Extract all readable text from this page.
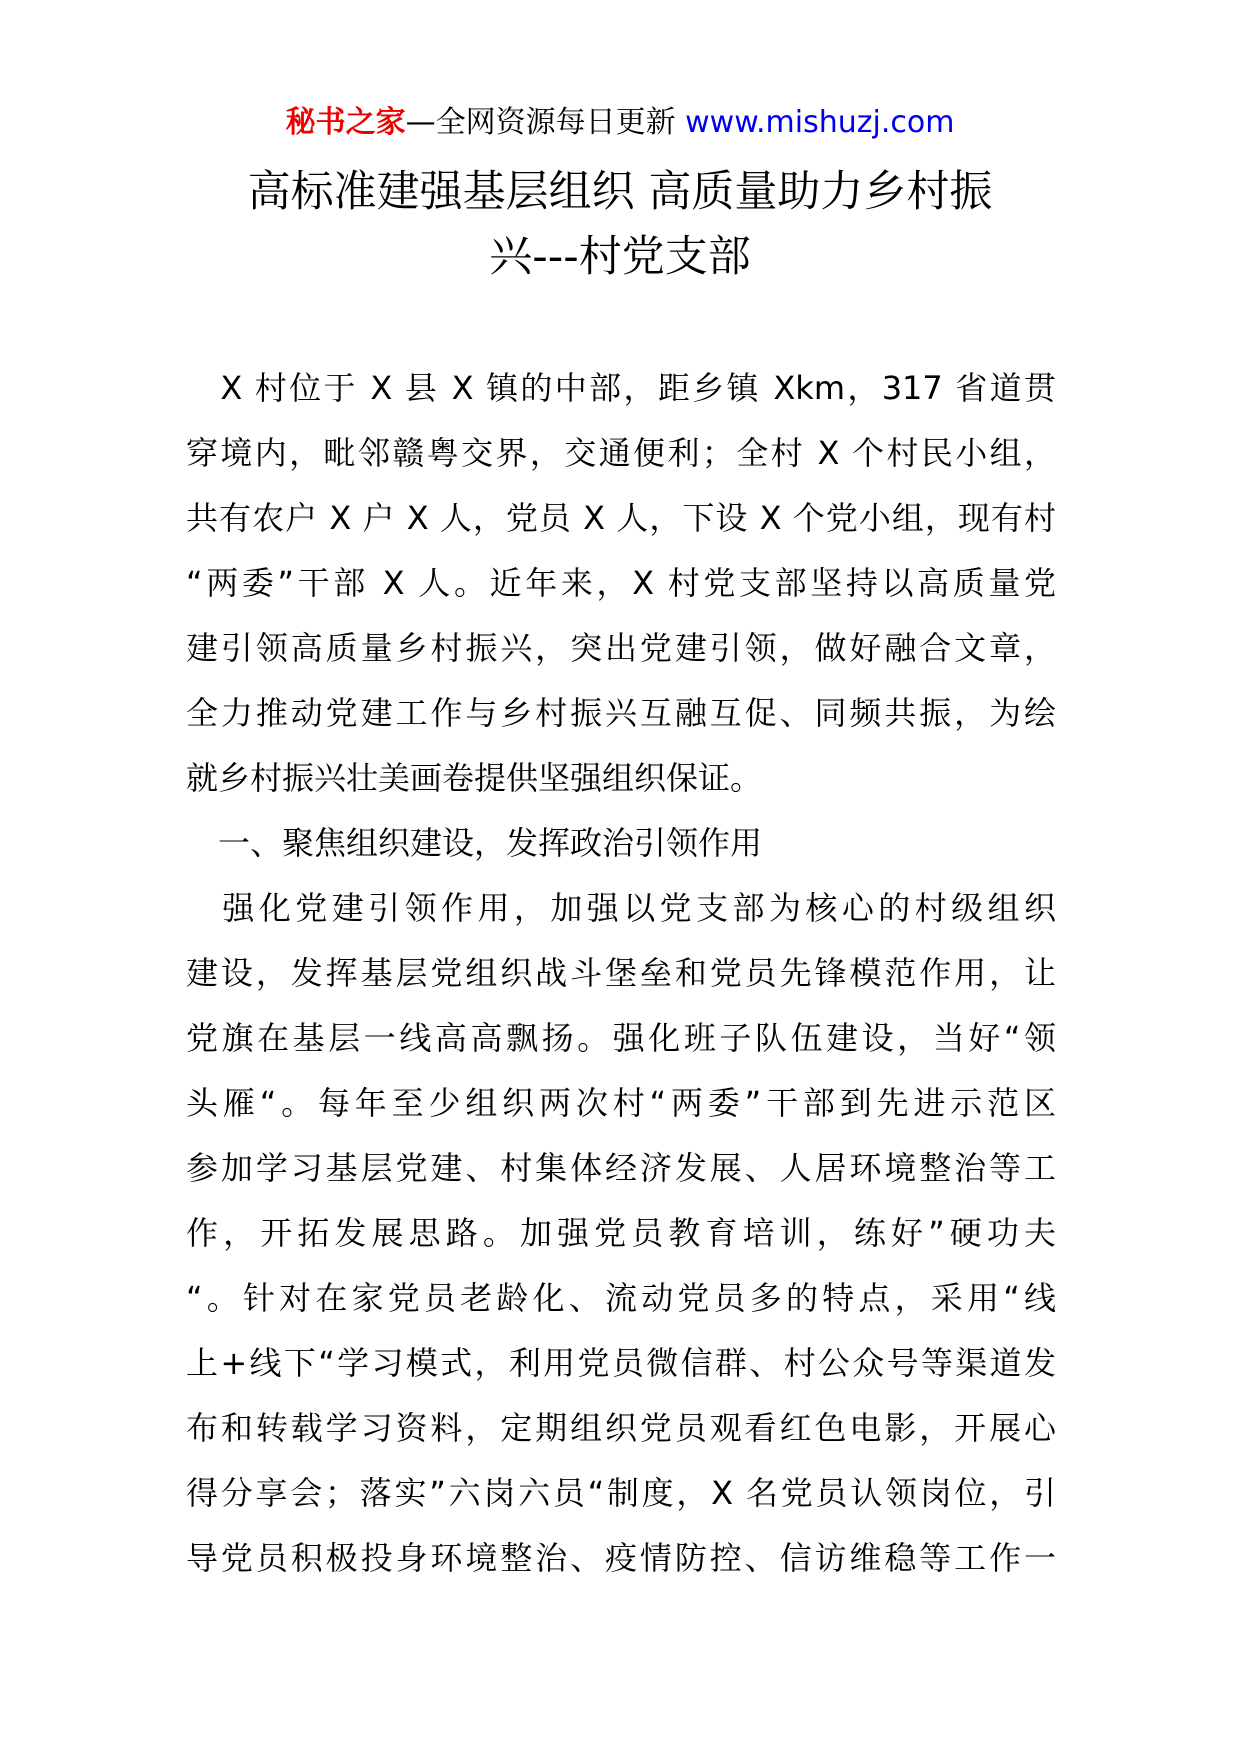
秘书之家—全网资源每日更新 www.mishuzj.com
高标准建强基层组织 高质量助力乡村振
兴---村党支部
　X 村位于 X 县 X 镇的中部，距乡镇 Xkm，317 省道贯
穿境内，毗邻赣粤交界，交通便利；全村 X 个村民小组，
共有农户 X 户 X 人，党员 X 人，下设 X 个党小组，现有村
“两委”干部 X 人。近年来，X 村党支部坚持以高质量党
建引领高质量乡村振兴，突出党建引领，做好融合文章，
全力推动党建工作与乡村振兴互融互促、同频共振，为绘
就乡村振兴壮美画卷提供坚强组织保证。
　一、聚焦组织建设，发挥政治引领作用
　强化党建引领作用，加强以党支部为核心的村级组织
建设，发挥基层党组织战斗堡垒和党员先锋模范作用，让
党旗在基层一线高高飘扬。强化班子队伍建设，当好“领
头雁“。每年至少组织两次村“两委”干部到先进示范区
参加学习基层党建、村集体经济发展、人居环境整治等工
作，开拓发展思路。加强党员教育培训，练好”硬功夫
“。针对在家党员老龄化、流动党员多的特点，采用“线
上+线下“学习模式，利用党员微信群、村公众号等渠道发
布和转载学习资料，定期组织党员观看红色电影，开展心
得分享会；落实”六岗六员“制度，X 名党员认领岗位，引
导党员积极投身环境整治、疫情防控、信访维稳等工作一
